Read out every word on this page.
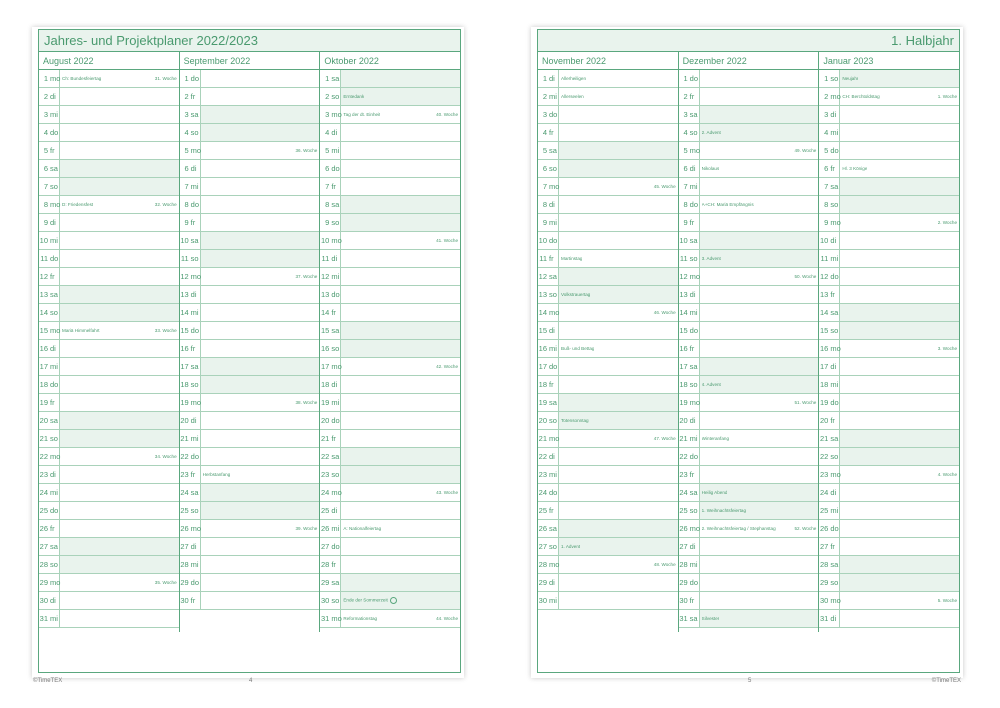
Jahres- und Projektplaner 2022/2023
August 2022
1 mo Ch: Bundesfeiertag	31. Woche
2 di
3 mi
4 do
5 fr
6 sa
7 so
8 mo D: Friedensfest	32. Woche
9 di
10 mi
11 do
12 fr
13 sa
14 so
15 mo Mariä Himmelfahrt	33. Woche
16 di
17 mi
18 do
19 fr
20 sa
21 so
22 mo	34. Woche
23 di
24 mi
25 do
26 fr
27 sa
28 so
29 mo	35. Woche
30 di
31 mi
September 2022
1 do
2 fr
3 sa
4 so
5 mo	36. Woche
6 di
7 mi
8 do
9 fr
10 sa
11 so
12 mo	37. Woche
13 di
14 mi
15 do
16 fr
17 sa
18 so
19 mo	38. Woche
20 di
21 mi
22 do
23 fr	Herbstanfang
24 sa
25 so
26 mo	39. Woche
27 di
28 mi
29 do
30 fr
Oktober 2022
1 sa
2 so Erntedank
3 mo Tag der dt. Einheit	40. Woche
4 di
5 mi
6 do
7 fr
8 sa
9 so
10 mo	41. Woche
11 di
12 mi
13 do
14 fr
15 sa
16 so
17 mo	42. Woche
18 di
19 mi
20 do
21 fr
22 sa
23 so
24 mo	43. Woche
25 di
26 mi A: Nationalfeiertag
27 do
28 fr
29 sa
30 so Ende der Sommerzeit
31 mo Reformationstag	44. Woche
©TimeTEX	4
1. Halbjahr
November 2022
1 di	Allerheiligen
2 mi Allerseelen
3 do
4 fr
5 sa
6 so
7 mo	45. Woche
8 di
9 mi
10 do
11 fr	Martinstag
12 sa
13 so Volkstrauertag
14 mo	46. Woche
15 di
16 mi Buß- und Bettag
17 do
18 fr
19 sa
20 so Totensonntag
21 mo	47. Woche
22 di
23 mi
24 do
25 fr
26 sa
27 so 1. Advent
28 mo	48. Woche
29 di
30 mi
Dezember 2022
1 do
2 fr
3 sa
4 so 2. Advent
5 mo	49. Woche
6 di	Nikolaus
7 mi
8 do A+CH: Mariä Empfängnis
9 fr
10 sa
11 so 3. Advent
12 mo	50. Woche
13 di
14 mi
15 do
16 fr
17 sa
18 so 4. Advent
19 mo	51. Woche
20 di
21 mi Winteranfang
22 do
23 fr
24 sa Heilig Abend
25 so 1. Weihnachtsfeiertag
26 mo 2. Weihnachtsfeiertag / Stephanstag	52. Woche
27 di
28 mi
29 do
30 fr
31 sa Silvester
Januar 2023
1 so Neujahr
2 mo CH: Berchtoldstag	1. Woche
3 di
4 mi
5 do
6 fr	Hl. 3 Könige
7 sa
8 so
9 mo	2. Woche
10 di
11 mi
12 do
13 fr
14 sa
15 so
16 mo	3. Woche
17 di
18 mi
19 do
20 fr
21 sa
22 so
23 mo	4. Woche
24 di
25 mi
26 do
27 fr
28 sa
29 so
30 mo	5. Woche
31 di
5	©TimeTEX
